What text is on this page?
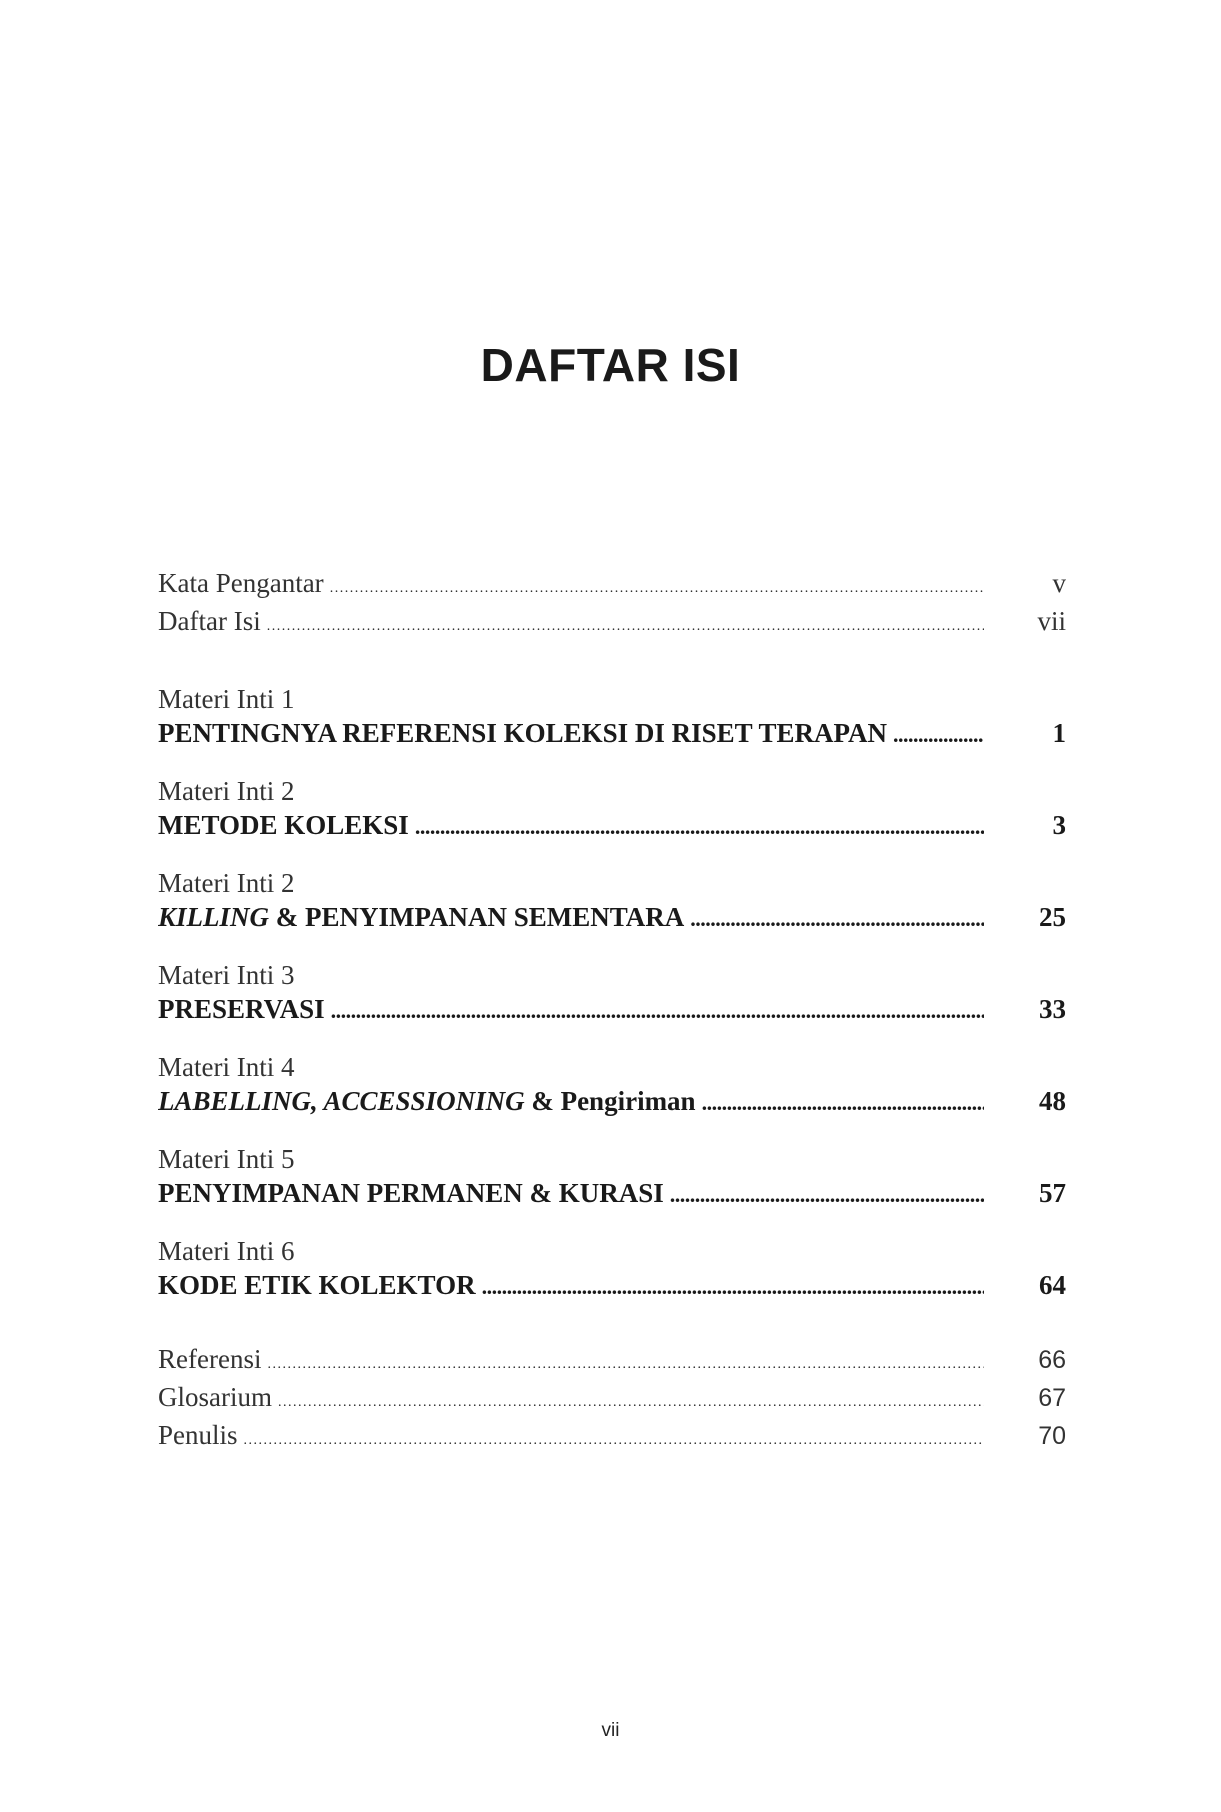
DAFTAR ISI
Kata Pengantar . . .	v
Daftar Isi . . .	vii
Materi Inti 1
PENTINGNYA REFERENSI KOLEKSI DI RISET TERAPAN . . .	1
Materi Inti 2
METODE KOLEKSI . . .	3
Materi Inti 2
KILLING & PENYIMPANAN SEMENTARA . . .	25
Materi Inti 3
PRESERVASI . . .	33
Materi Inti 4
LABELLING, ACCESSIONING & Pengiriman . . .	48
Materi Inti 5
PENYIMPANAN PERMANEN & KURASI . . .	57
Materi Inti 6
KODE ETIK KOLEKTOR . . .	64
Referensi . . .	66
Glosarium . . .	67
Penulis . . .	70
vii
